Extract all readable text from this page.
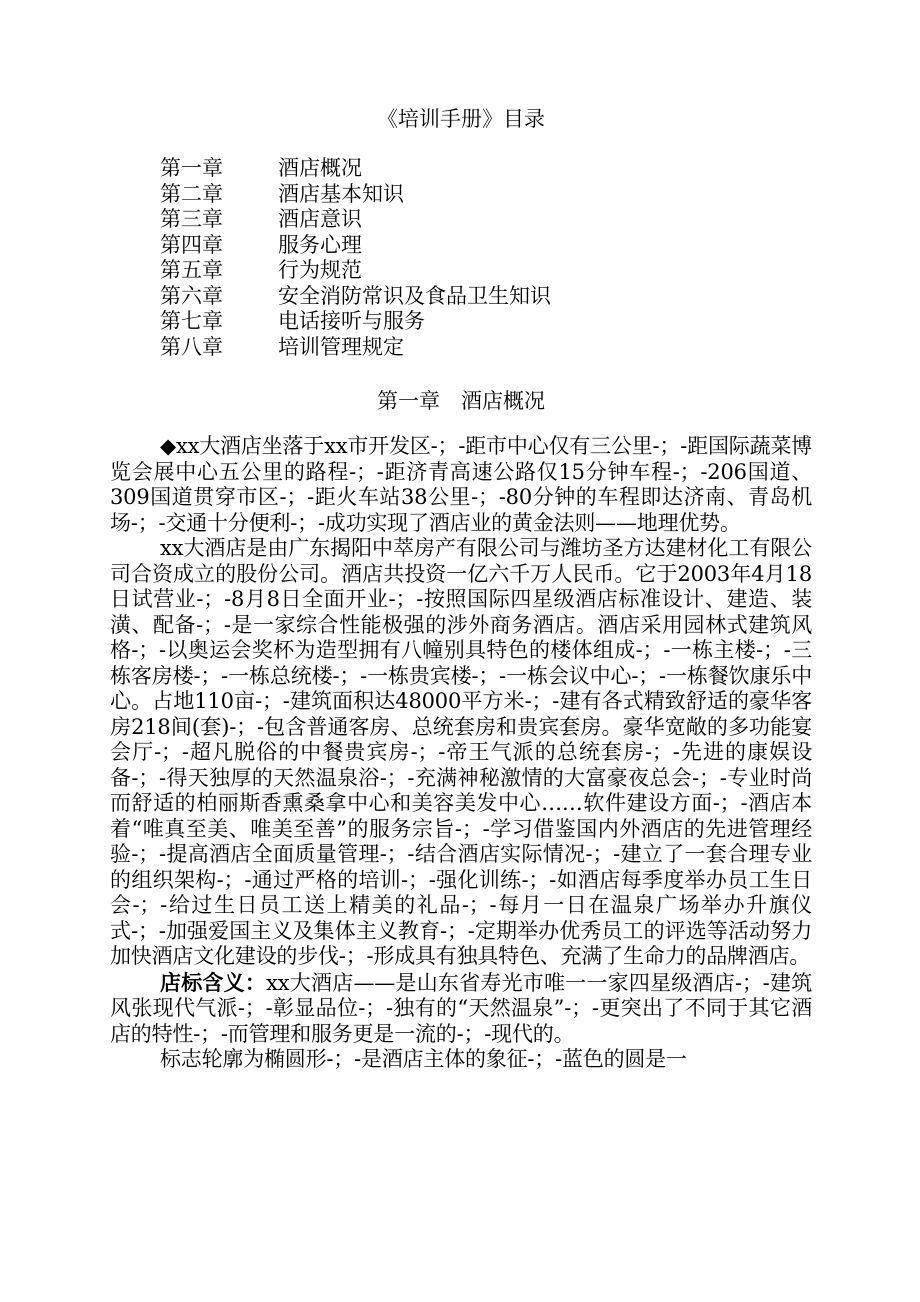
《培训手册》目录
第一章	酒店概况
第二章	酒店基本知识
第三章	酒店意识
第四章	服务心理
第五章	行为规范
第六章	安全消防常识及食品卫生知识
第七章	电话接听与服务
第八章	培训管理规定
第一章　酒店概况

◆xx大酒店坐落于xx市开发区-；-距市中心仅有三公里-；-距国际蔬菜博览会展中心五公里的路程-；-距济青高速公路仅15分钟车程-；-206国道、309国道贯穿市区-；-距火车站38公里-；-80分钟的车程即达济南、青岛机场-；-交通十分便利-；-成功实现了酒店业的黄金法则——地理优势。

xx大酒店是由广东揭阳中萃房产有限公司与潍坊圣方达建材化工有限公司合资成立的股份公司。酒店共投资一亿六千万人民币。它于2003年4月18日试营业-；-8月8日全面开业-；-按照国际四星级酒店标准设计、建造、装潢、配备-；-是一家综合性能极强的涉外商务酒店。酒店采用园林式建筑风格-；-以奥运会奖杯为造型拥有八幢别具特色的楼体组成-；-一栋主楼-；-三栋客房楼-；-一栋总统楼-；-一栋贵宾楼-；-一栋会议中心-；-一栋餐饮康乐中心。占地110亩-；-建筑面积达48000平方米-；-建有各式精致舒适的豪华客房218间(套)-；-包含普通客房、总统套房和贵宾套房。豪华宽敞的多功能宴会厅-；-超凡脱俗的中餐贵宾房-；-帝王气派的总统套房-；-先进的康娱设备-；-得天独厚的天然温泉浴-；-充满神秘激情的大富豪夜总会-；-专业时尚而舒适的柏丽斯香熏桑拿中心和美容美发中心……软件建设方面-；-酒店本着“唯真至美、唯美至善”的服务宗旨-；-学习借鉴国内外酒店的先进管理经验-；-提高酒店全面质量管理-；-结合酒店实际情况-；-建立了一套合理专业的组织架构-；-通过严格的培训-；-强化训练-；-如酒店每季度举办员工生日会-；-给过生日员工送上精美的礼品-；-每月一日在温泉广场举办升旗仪式-；-加强爱国主义及集体主义教育-；-定期举办优秀员工的评选等活动努力加快酒店文化建设的步伐-；-形成具有独具特色、充满了生命力的品牌酒店。

店标含义：xx大酒店——是山东省寿光市唯一一家四星级酒店-；-建筑风张现代气派-；-彰显品位-；-独有的“天然温泉”-；-更突出了不同于其它酒店的特性-；-而管理和服务更是一流的-；-现代的。

标志轮廓为椭圆形-；-是酒店主体的象征-；-蓝色的圆是一
